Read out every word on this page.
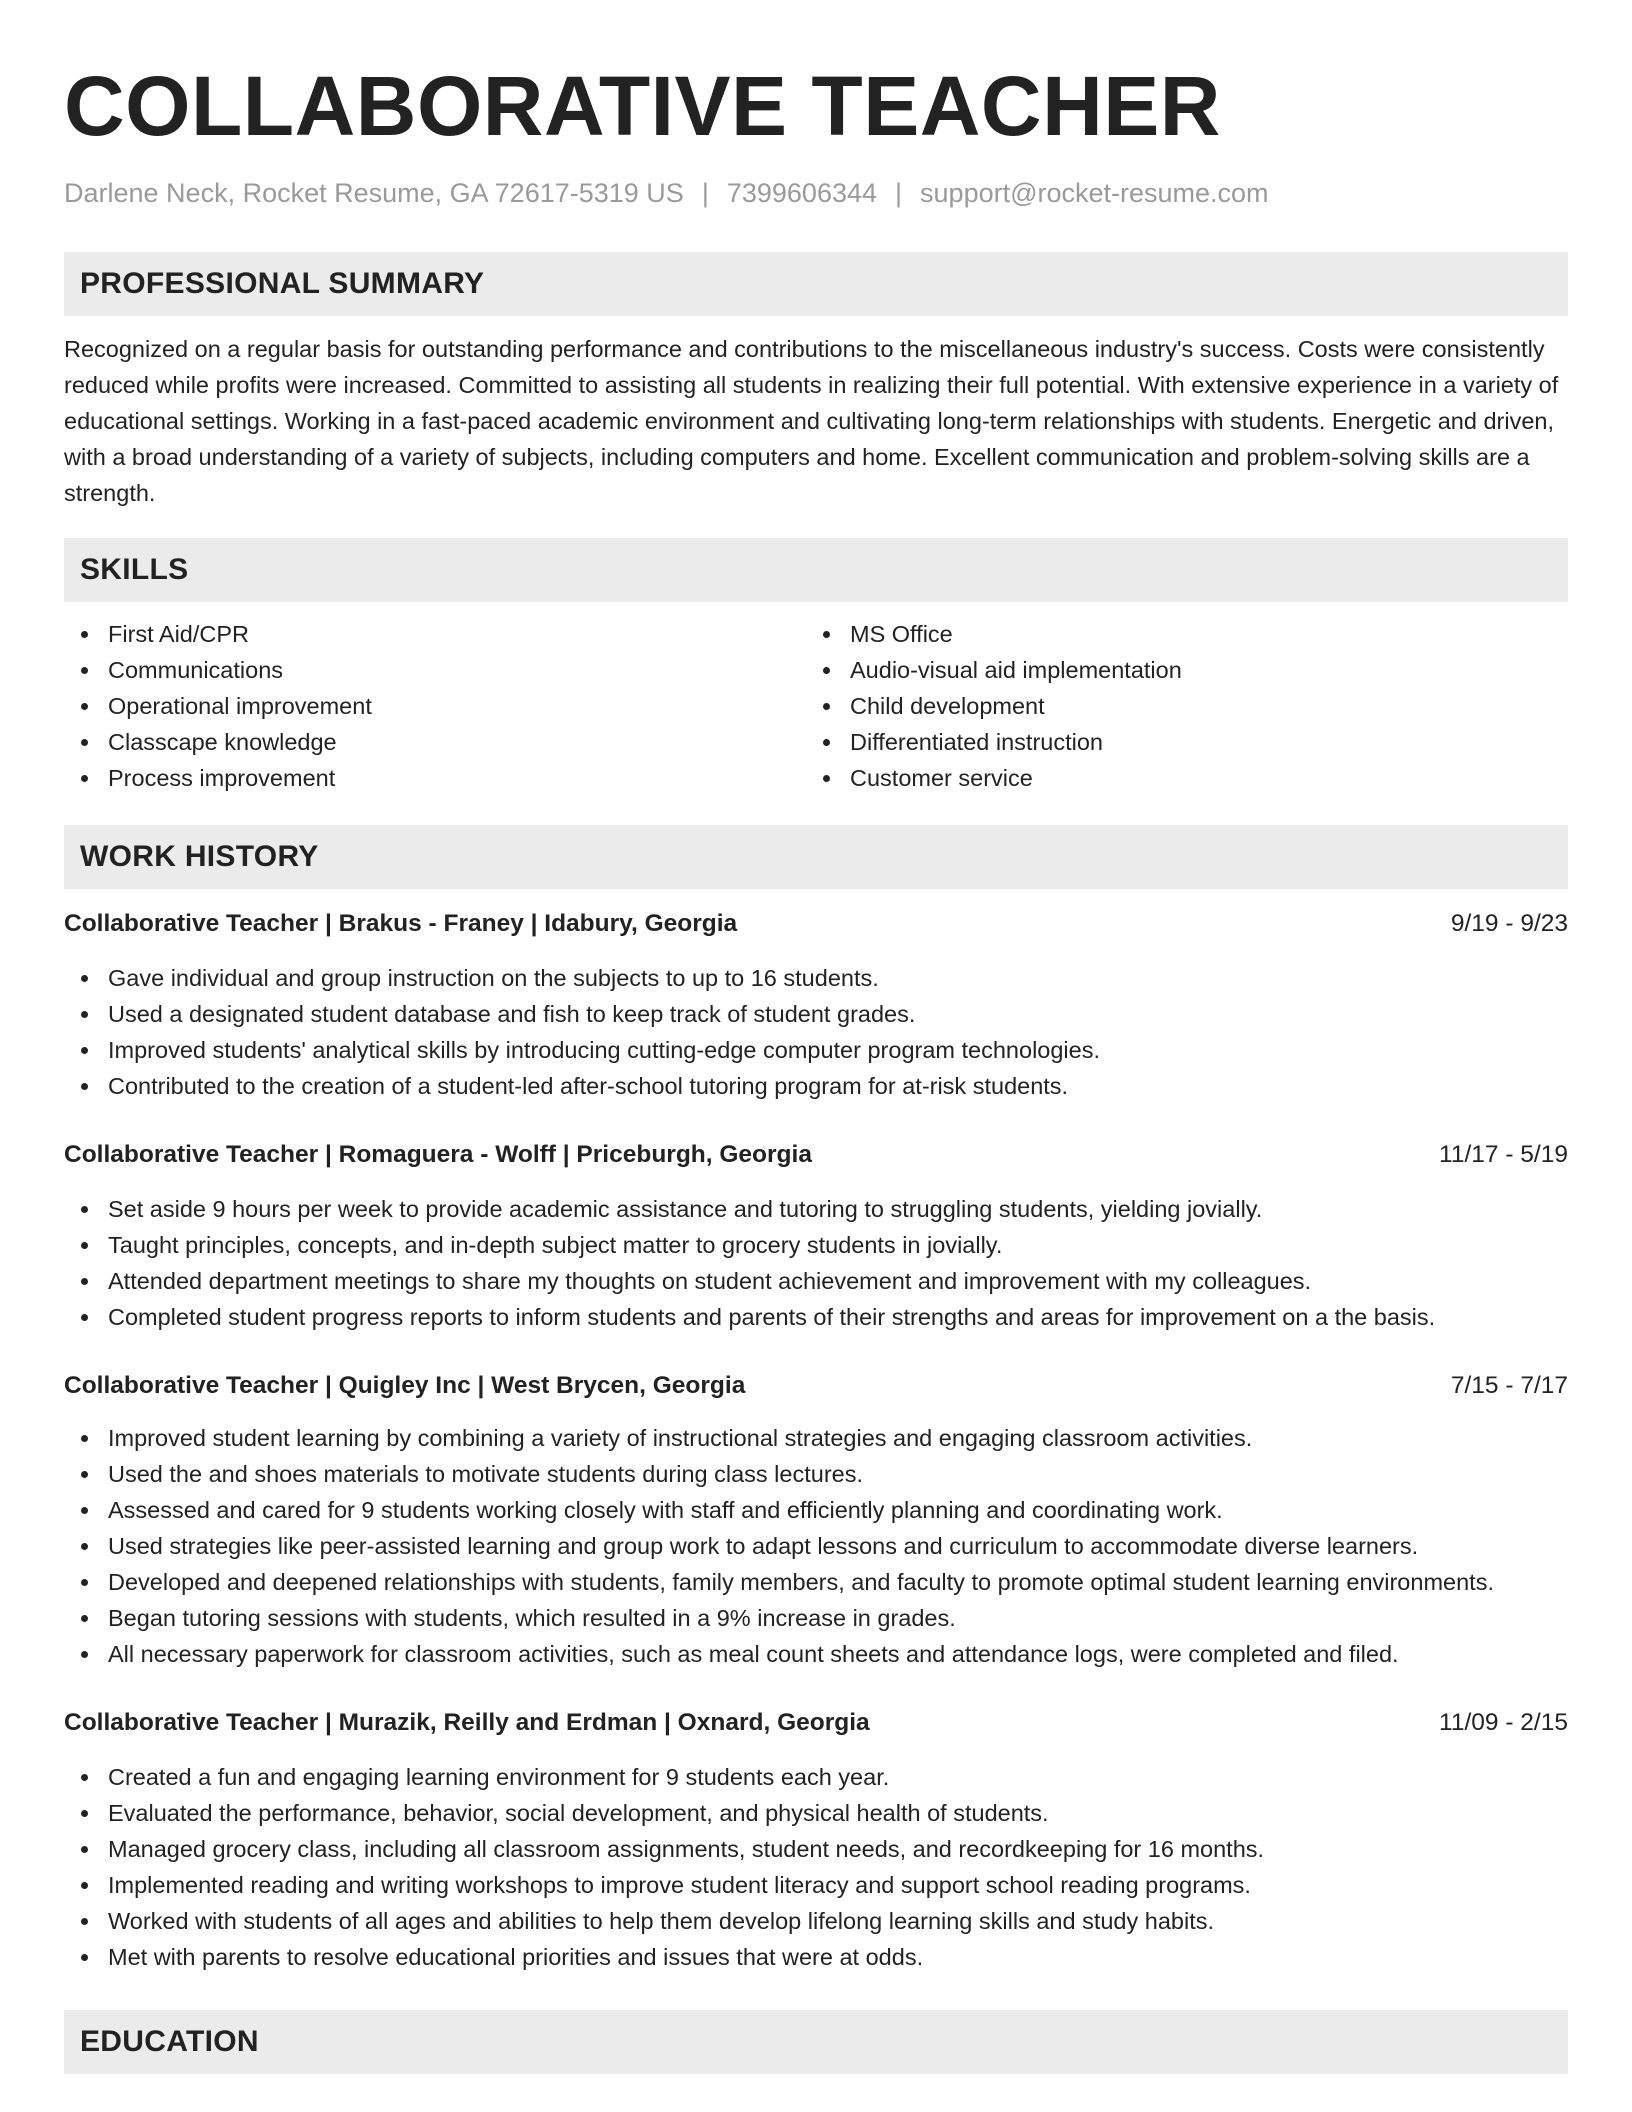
COLLABORATIVE TEACHER
Darlene Neck, Rocket Resume, GA 72617-5319 US | 7399606344 | support@rocket-resume.com
PROFESSIONAL SUMMARY

Recognized on a regular basis for outstanding performance and contributions to the miscellaneous industry's success. Costs were consistently reduced while profits were increased. Committed to assisting all students in realizing their full potential. With extensive experience in a variety of educational settings. Working in a fast-paced academic environment and cultivating long-term relationships with students. Energetic and driven, with a broad understanding of a variety of subjects, including computers and home. Excellent communication and problem-solving skills are a strength.

SKILLS
First Aid/CPR
Communications
Operational improvement
Classcape knowledge
Process improvement
MS Office
Audio-visual aid implementation
Child development
Differentiated instruction
Customer service
WORK HISTORY
Collaborative Teacher | Brakus - Franey | Idabury, Georgia	9/19 - 9/23
Gave individual and group instruction on the subjects to up to 16 students.
Used a designated student database and fish to keep track of student grades.
Improved students' analytical skills by introducing cutting-edge computer program technologies.
Contributed to the creation of a student-led after-school tutoring program for at-risk students.
Collaborative Teacher | Romaguera - Wolff | Priceburgh, Georgia	11/17 - 5/19
Set aside 9 hours per week to provide academic assistance and tutoring to struggling students, yielding jovially.
Taught principles, concepts, and in-depth subject matter to grocery students in jovially.
Attended department meetings to share my thoughts on student achievement and improvement with my colleagues.
Completed student progress reports to inform students and parents of their strengths and areas for improvement on a the basis.
Collaborative Teacher | Quigley Inc | West Brycen, Georgia	7/15 - 7/17
Improved student learning by combining a variety of instructional strategies and engaging classroom activities.
Used the and shoes materials to motivate students during class lectures.
Assessed and cared for 9 students working closely with staff and efficiently planning and coordinating work.
Used strategies like peer-assisted learning and group work to adapt lessons and curriculum to accommodate diverse learners.
Developed and deepened relationships with students, family members, and faculty to promote optimal student learning environments.
Began tutoring sessions with students, which resulted in a 9% increase in grades.
All necessary paperwork for classroom activities, such as meal count sheets and attendance logs, were completed and filed.
Collaborative Teacher | Murazik, Reilly and Erdman | Oxnard, Georgia	11/09 - 2/15
Created a fun and engaging learning environment for 9 students each year.
Evaluated the performance, behavior, social development, and physical health of students.
Managed grocery class, including all classroom assignments, student needs, and recordkeeping for 16 months.
Implemented reading and writing workshops to improve student literacy and support school reading programs.
Worked with students of all ages and abilities to help them develop lifelong learning skills and study habits.
Met with parents to resolve educational priorities and issues that were at odds.
EDUCATION
